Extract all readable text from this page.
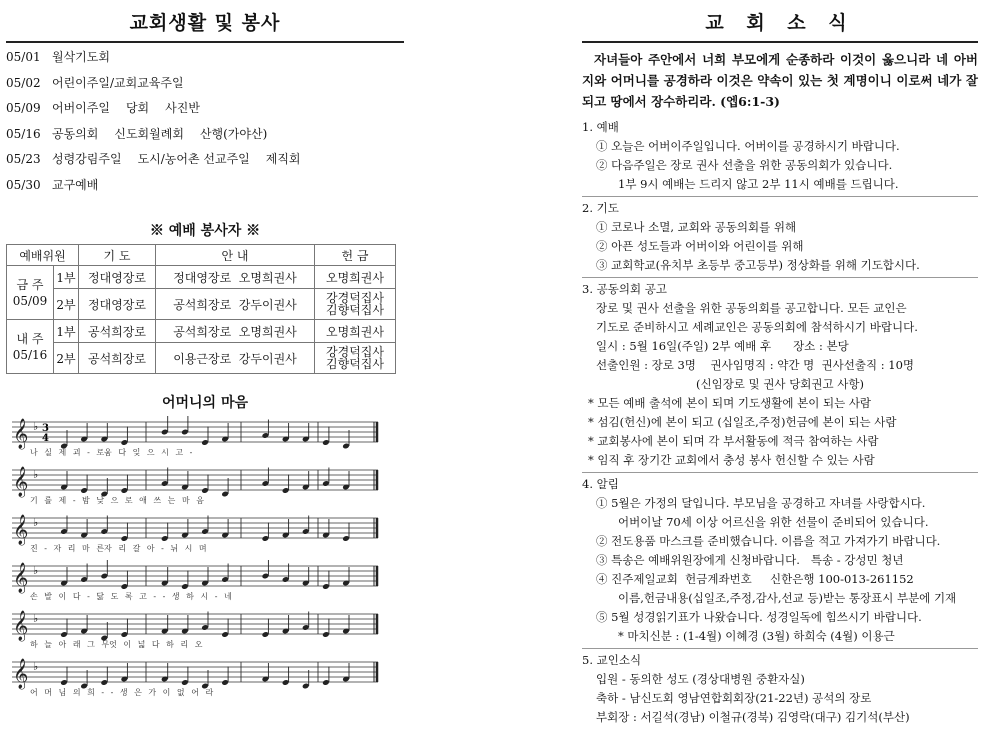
교회생활 및 봉사
05/01 월삭기도회
05/02 어린이주일/교회교육주일
05/09 어버이주일 당회 사진반
05/16 공동의회 신도회월례회 산행(가야산)
05/23 성령강림주일 도시/농어촌 선교주일 제직회
05/30 교구예배
※ 예배 봉사자 ※
예배위원		기 도	안 내	헌 금

금 주
05/09	1부	정대영장로	정대영장로  오명희권사	오명희권사
	2부	정대영장로	공석희장로  강두이권사	강경덕집사
김향덕집사

내 주
05/16	1부	공석희장로	공석희장로  오명희권사	오명희권사
	2부	공석희장로	이용근장로  강두이권사	강경덕집사
김향덕집사
어머니의 마음
𝄞 ♭ 3
4
나 실 제 괴 - 로움 다 잊 으 시 고 -
𝄞 ♭
기 를 제 - 밤 낮 으 로 애 쓰 는 마 음
𝄞 ♭
진 - 자 리 마 른자 리 갈 아 - 뉘 시 며
𝄞 ♭
손 발 이 다 - 닳 도 록 고 - - 생 하 시 - 네
𝄞 ♭
하 늘 아 래 그 무엇 이 넓 다 하 리 오
𝄞 ♭
어 머 님 의 희 - - 생 은 가 이 없 어 라
교 회 소 식
자녀들아 주안에서 너희 부모에게 순종하라 이것이 옳으니라 네 아버지와 어머니를 공경하라 이것은 약속이 있는 첫 계명이니 이로써 네가 잘되고 땅에서 장수하리라. (엡6:1-3)
1. 예배
① 오늘은 어버이주일입니다. 어버이를 공경하시기 바랍니다.
② 다음주일은 장로 권사 선출을 위한 공동의회가 있습니다.
1부 9시 예배는 드리지 않고 2부 11시 예배를 드립니다.
2. 기도
① 코로나 소멸, 교회와 공동의회를 위해
② 아픈 성도들과 어버이와 어린이를 위해
③ 교회학교(유치부 초등부 중고등부) 정상화를 위해 기도합시다.
3. 공동의회 공고
장로 및 권사 선출을 위한 공동의회를 공고합니다. 모든 교인은
기도로 준비하시고 세례교인은 공동의회에 참석하시기 바랍니다.
일시 : 5월 16일(주일) 2부 예배 후      장소 : 본당
선출인원 : 장로 3명    권사임명직 : 약간 명  권사선출직 : 10명
(신임장로 및 권사 당회권고 사항)
* 모든 예배 출석에 본이 되며 기도생활에 본이 되는 사람
* 섬김(헌신)에 본이 되고 (십일조,주정)헌금에 본이 되는 사람
* 교회봉사에 본이 되며 각 부서활동에 적극 참여하는 사람
* 임직 후 장기간 교회에서 충성 봉사 헌신할 수 있는 사람
4. 알림
① 5월은 가정의 달입니다. 부모님을 공경하고 자녀를 사랑합시다.
어버이날 70세 이상 어르신을 위한 선물이 준비되어 있습니다.
② 전도용품 마스크를 준비했습니다. 이름을 적고 가져가기 바랍니다.
③ 특송은 예배위원장에게 신청바랍니다.   특송 - 강성민 청년
④ 진주제일교회  헌금계좌번호     신한은행 100-013-261152
이름,헌금내용(십일조,주정,감사,선교 등)받는 통장표시 부분에 기재
⑤ 5월 성경읽기표가 나왔습니다. 성경일독에 힘쓰시기 바랍니다.
* 마치신분 : (1-4월) 이혜경 (3월) 하희숙 (4월) 이용근
5. 교인소식
입원 - 동의한 성도 (경상대병원 중환자실)
축하 - 남신도회 영남연합회회장(21-22년) 공석의 장로
부회장 : 서길석(경남) 이철규(경북) 김영락(대구) 김기석(부산)
